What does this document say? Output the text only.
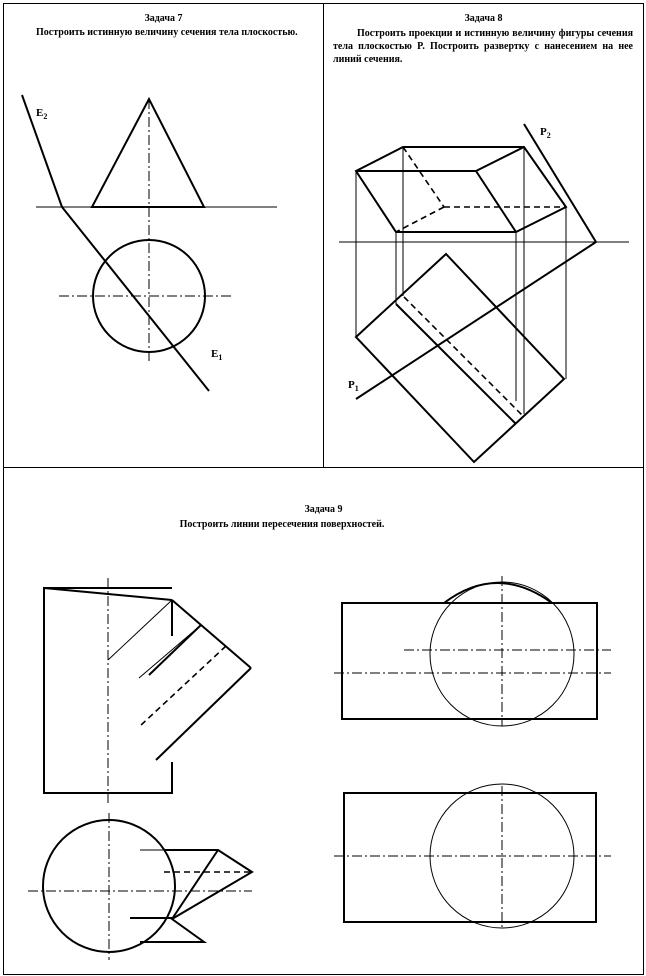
Задача 7
Построить истинную величину сечения тела плоскостью.
$E_2$
$E_1$
Задача 8
Построить проекции и истинную величину фигуры сечения тела плоскостью P. Построить развертку с нанесением на нее линий сечения.
$P_2$
$P_1$
Задача 9
Построить линии пересечения поверхностей.
